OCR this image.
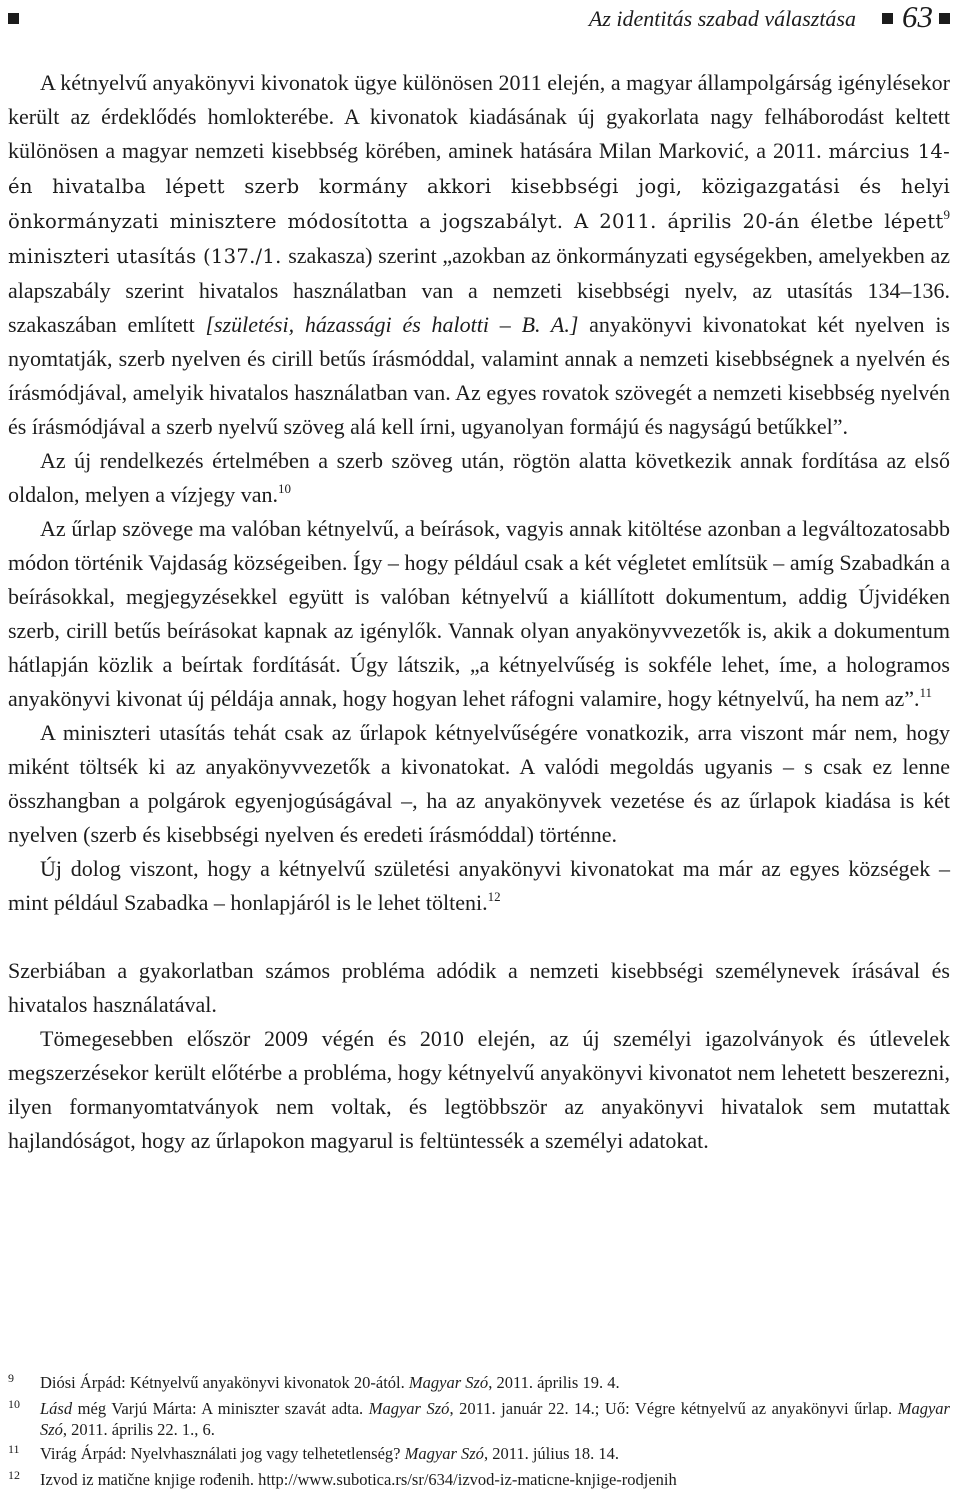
Az identitás szabad választása 63

A kétnyelvű anyakönyvi kivonatok ügye különösen 2011 elején, a magyar állampolgárság igénylésekor került az érdeklődés homlokterébe. A kivonatok kiadásának új gyakorlata nagy felháborodást keltett különösen a magyar nemzeti kisebbség körében, aminek hatására Milan Marković, a 2011. március 14-én hivatalba lépett szerb kormány akkori kisebbségi jogi, közigazgatási és helyi önkormányzati minisztere módosította a jogszabályt. A 2011. április 20-án életbe lépett$^9$ miniszteri utasítás (137./1. szakasza) szerint „azokban az önkormányzati egységekben, amelyekben az alapszabály szerint hivatalos használatban van a nemzeti kisebbségi nyelv, az utasítás 134–136. szakaszában említett [születési, házassági és halotti – B. A.] anyakönyvi kivonatokat két nyelven is nyomtatják, szerb nyelven és cirill betűs írásmóddal, valamint annak a nemzeti kisebbségnek a nyelvén és írásmódjával, amelyik hivatalos használatban van. Az egyes rovatok szövegét a nemzeti kisebbség nyelvén és írásmódjával a szerb nyelvű szöveg alá kell írni, ugyanolyan formájú és nagyságú betűkkel”.

Az új rendelkezés értelmében a szerb szöveg után, rögtön alatta következik annak fordítása az első oldalon, melyen a vízjegy van.$^{10}$

Az űrlap szövege ma valóban kétnyelvű, a beírások, vagyis annak kitöltése azonban a legváltozatosabb módon történik Vajdaság községeiben. Így – hogy például csak a két végletet említsük – amíg Szabadkán a beírásokkal, megjegyzésekkel együtt is valóban kétnyelvű a kiállított dokumentum, addig Újvidéken szerb, cirill betűs beírásokat kapnak az igénylők. Vannak olyan anyakönyvvezetők is, akik a dokumentum hátlapján közlik a beírtak fordítását. Úgy látszik, „a kétnyelvűség is sokféle lehet, íme, a hologramos anyakönyvi kivonat új példája annak, hogy hogyan lehet ráfogni valamire, hogy kétnyelvű, ha nem az”.$^{11}$

A miniszteri utasítás tehát csak az űrlapok kétnyelvűségére vonatkozik, arra viszont már nem, hogy miként töltsék ki az anyakönyvvezetők a kivonatokat. A valódi megoldás ugyanis – s csak ez lenne összhangban a polgárok egyenjogúságával –, ha az anyakönyvek vezetése és az űrlapok kiadása is két nyelven (szerb és kisebbségi nyelven és eredeti írásmóddal) történne.

Új dolog viszont, hogy a kétnyelvű születési anyakönyvi kivonatokat ma már az egyes községek – mint például Szabadka – honlapjáról is le lehet tölteni.$^{12}$

Szerbiában a gyakorlatban számos probléma adódik a nemzeti kisebbségi személynevek írásával és hivatalos használatával.

Tömegesebben először 2009 végén és 2010 elején, az új személyi igazolványok és útlevelek megszerzésekor került előtérbe a probléma, hogy kétnyelvű anyakönyvi kivonatot nem lehetett beszerezni, ilyen formanyomtatványok nem voltak, és legtöbbször az anyakönyvi hivatalok sem mutattak hajlandóságot, hogy az űrlapokon magyarul is feltüntessék a személyi adatokat.

9 Diósi Árpád: Kétnyelvű anyakönyvi kivonatok 20-ától. Magyar Szó, 2011. április 19. 4.
10 Lásd még Varjú Márta: A miniszter szavát adta. Magyar Szó, 2011. január 22. 14.; Uő: Végre kétnyelvű az anyakönyvi űrlap. Magyar Szó, 2011. április 22. 1., 6.
11 Virág Árpád: Nyelvhasználati jog vagy telhetetlenség? Magyar Szó, 2011. július 18. 14.
12 Izvod iz matične knjige rođenih. http://www.subotica.rs/sr/634/izvod-iz-maticne-knjige-rodjenih
